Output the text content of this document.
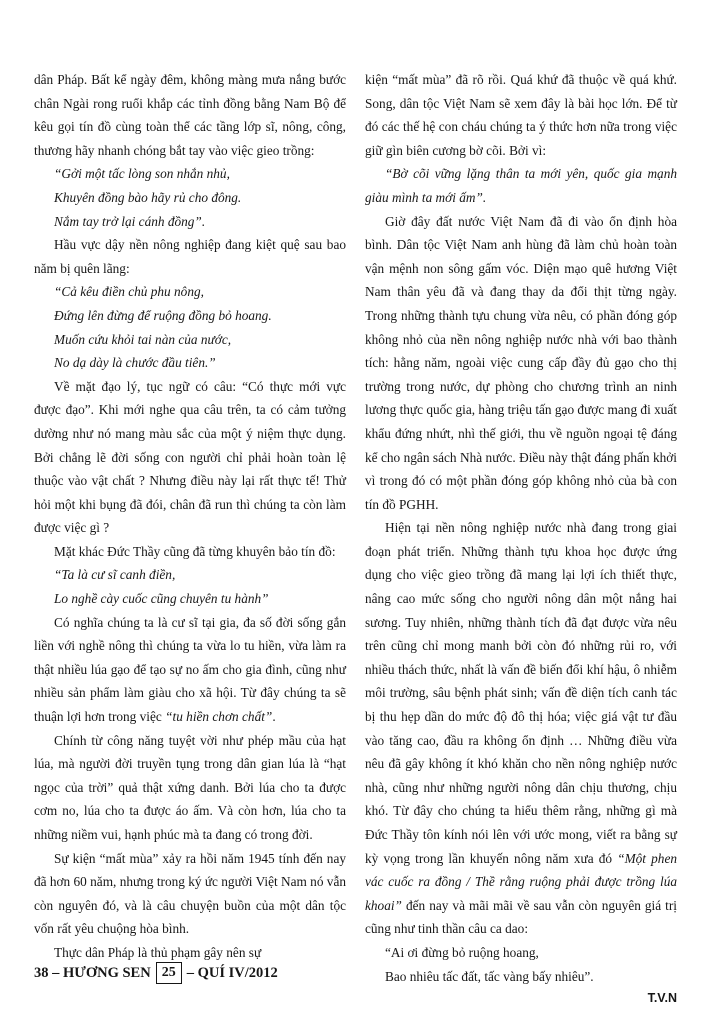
dân Pháp. Bất kể ngày đêm, không màng mưa nắng bước chân Ngài rong ruổi khắp các tỉnh đồng bằng Nam Bộ để kêu gọi tín đồ cùng toàn thể các tầng lớp sĩ, nông, công, thương hãy nhanh chóng bắt tay vào việc gieo trồng:

“Gởi một tấc lòng son nhắn nhủ,

Khuyên đồng bào hãy rủ cho đông.

Nắm tay trở lại cánh đồng”.

Hầu vực dậy nền nông nghiệp đang kiệt quệ sau bao năm bị quên lãng:

“Cả kêu điền chủ phu nông,

Đứng lên đừng để ruộng đồng bỏ hoang.

Muốn cứu khỏi tai nàn của nước,

No dạ dày là chước đầu tiên.”

Về mặt đạo lý, tục ngữ có câu: “Có thực mới vực được đạo”. Khi mới nghe qua câu trên, ta có cảm tưởng dường như nó mang màu sắc của một ý niệm thực dụng. Bởi chẳng lẽ đời sống con người chỉ phải hoàn toàn lệ thuộc vào vật chất ? Nhưng điều này lại rất thực tế! Thử hỏi một khi bụng đã đói, chân đã run thì chúng ta còn làm được việc gì ?

Mặt khác Đức Thầy cũng đã từng khuyên bảo tín đồ:

“Ta là cư sĩ canh điền,

Lo nghề cày cuốc cũng chuyên tu hành”

Có nghĩa chúng ta là cư sĩ tại gia, đa số đời sống gắn liền với nghề nông thì chúng ta vừa lo tu hiền, vừa làm ra thật nhiều lúa gạo để tạo sự no ấm cho gia đình, cũng như nhiều sản phẩm làm giàu cho xã hội. Từ đây chúng ta sẽ thuận lợi hơn trong việc “tu hiền chơn chất”.

Chính từ công năng tuyệt vời như phép mầu của hạt lúa, mà người đời truyền tụng trong dân gian lúa là “hạt ngọc của trời” quả thật xứng danh. Bởi lúa cho ta được cơm no, lúa cho ta được áo ấm. Và còn hơn, lúa cho ta những niềm vui, hạnh phúc mà ta đang có trong đời.

Sự kiện “mất mùa” xảy ra hồi năm 1945 tính đến nay đã hơn 60 năm, nhưng trong ký ức người Việt Nam nó vẫn còn nguyên đó, và là câu chuyện buồn của một dân tộc vốn rất yêu chuộng hòa bình.

Thực dân Pháp là thủ phạm gây nên sự

kiện “mất mùa” đã rõ rồi. Quá khứ đã thuộc về quá khứ. Song, dân tộc Việt Nam sẽ xem đây là bài học lớn. Để từ đó các thế hệ con cháu chúng ta ý thức hơn nữa trong việc giữ gìn biên cương bờ cõi. Bởi vì:

“Bờ cõi vững lặng thân ta mới yên, quốc gia mạnh giàu mình ta mới ấm”.

Giờ đây đất nước Việt Nam đã đi vào ổn định hòa bình. Dân tộc Việt Nam anh hùng đã làm chủ hoàn toàn vận mệnh non sông gấm vóc. Diện mạo quê hương Việt Nam thân yêu đã và đang thay da đổi thịt từng ngày. Trong những thành tựu chung vừa nêu, có phần đóng góp không nhỏ của nền nông nghiệp nước nhà với bao thành tích: hằng năm, ngoài việc cung cấp đầy đủ gạo cho thị trường trong nước, dự phòng cho chương trình an ninh lương thực quốc gia, hàng triệu tấn gạo được mang đi xuất khẩu đứng nhứt, nhì thế giới, thu về nguồn ngoại tệ đáng kể cho ngân sách Nhà nước. Điều này thật đáng phấn khởi vì trong đó có một phần đóng góp không nhỏ của bà con tín đồ PGHH.

Hiện tại nền nông nghiệp nước nhà đang trong giai đoạn phát triển. Những thành tựu khoa học được ứng dụng cho việc gieo trồng đã mang lại lợi ích thiết thực, nâng cao mức sống cho người nông dân một nắng hai sương. Tuy nhiên, những thành tích đã đạt được vừa nêu trên cũng chỉ mong manh bởi còn đó những rủi ro, với nhiều thách thức, nhất là vấn đề biến đổi khí hậu, ô nhiễm môi trường, sâu bệnh phát sinh; vấn đề diện tích canh tác bị thu hẹp dần do mức độ đô thị hóa; việc giá vật tư đầu vào tăng cao, đầu ra không ổn định … Những điều vừa nêu đã gây không ít khó khăn cho nền nông nghiệp nước nhà, cũng như những người nông dân chịu thương, chịu khó. Từ đây cho chúng ta hiểu thêm rằng, những gì mà Đức Thầy tôn kính nói lên với ước mong, viết ra bằng sự kỳ vọng trong lần khuyến nông năm xưa đó “Một phen vác cuốc ra đồng / Thề rằng ruộng phải được trồng lúa khoai” đến nay và mãi mãi về sau vẫn còn nguyên giá trị cũng như tinh thần câu ca dao:

“Ai ơi đừng bỏ ruộng hoang,

Bao nhiêu tấc đất, tấc vàng bấy nhiêu”.

T.V.N

38 – HƯƠNG SEN 25 – QUÍ IV/2012
